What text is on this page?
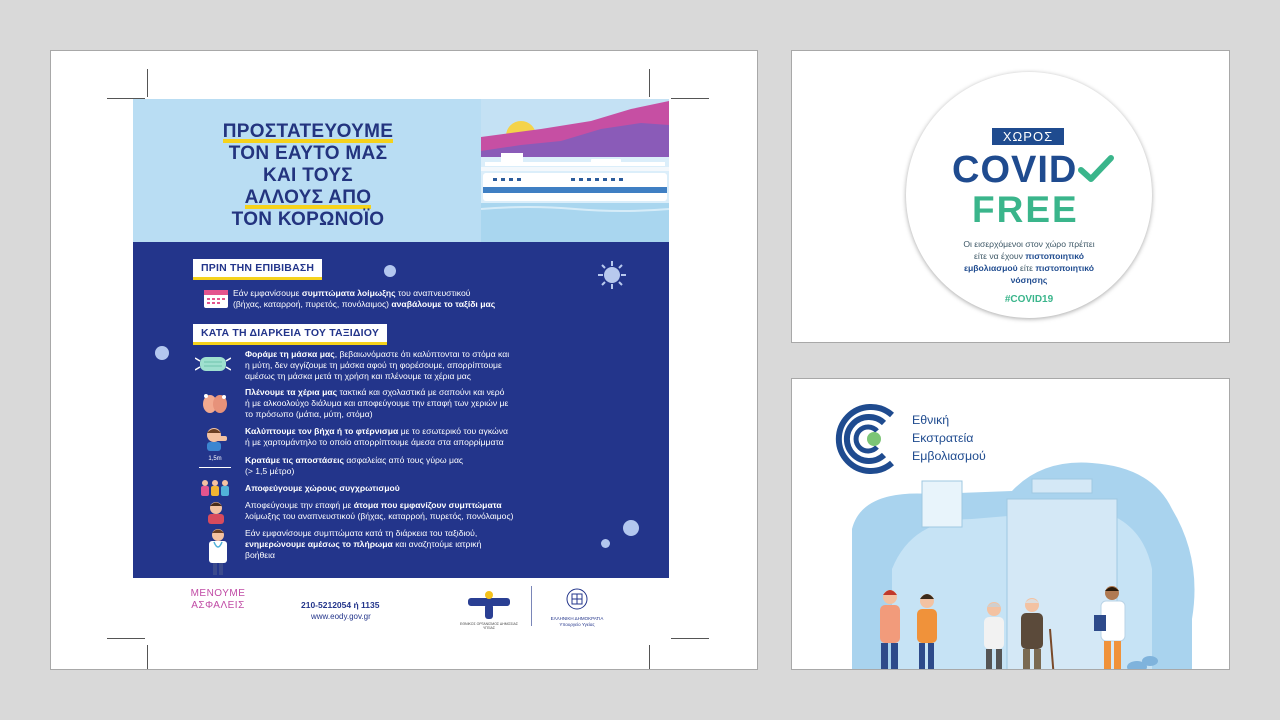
ΠΡΟΣΤΑΤΕΥΟΥΜΕ
ΤΟΝ ΕΑΥΤΟ ΜΑΣ
ΚΑΙ ΤΟΥΣ
ΑΛΛΟΥΣ ΑΠΟ
ΤΟΝ ΚΟΡΩΝΟΪΟ
ΠΡΙΝ ΤΗΝ ΕΠΙΒΙΒΑΣΗ
Εάν εμφανίσουμε συμπτώματα λοίμωξης του αναπνευστικού
(βήχας, καταρροή, πυρετός, πονόλαιμος) αναβάλουμε το ταξίδι μας
ΚΑΤΑ ΤΗ ΔΙΑΡΚΕΙΑ ΤΟΥ ΤΑΞΙΔΙΟΥ
Φοράμε τη μάσκα μας, βεβαιωνόμαστε ότι καλύπτονται το στόμα και
η μύτη, δεν αγγίζουμε τη μάσκα αφού τη φορέσουμε, απορρίπτουμε
αμέσως τη μάσκα μετά τη χρήση και πλένουμε τα χέρια μας
Πλένουμε τα χέρια μας τακτικά και σχολαστικά με σαπούνι και νερό
ή με αλκοολούχο διάλυμα και αποφεύγουμε την επαφή των χεριών με
το πρόσωπο (μάτια, μύτη, στόμα)
Καλύπτουμε τον βήχα ή το φτέρνισμα με το εσωτερικό του αγκώνα
ή με χαρτομάντηλο το οποίο απορρίπτουμε άμεσα στα απορρίμματα
1,5m	Κρατάμε τις αποστάσεις ασφαλείας από τους γύρω μας
(> 1,5 μέτρο)
Αποφεύγουμε χώρους συγχρωτισμού
Αποφεύγουμε την επαφή με άτομα που εμφανίζουν συμπτώματα
λοίμωξης του αναπνευστικού (βήχας, καταρροή, πυρετός, πονόλαιμος)
Εάν εμφανίσουμε συμπτώματα κατά τη διάρκεια του ταξιδιού,
ενημερώνουμε αμέσως το πλήρωμα και αναζητούμε ιατρική
βοήθεια
ΜΕΝΟΥΜΕ
ΑΣΦΑΛΕΙΣ	210-5212054 ή 1135
www.eody.gov.gr
ΕΘΝΙΚΟΣ ΟΡΓΑΝΙΣΜΟΣ ΔΗΜΟΣΙΑΣ ΥΓΕΙΑΣ
ΕΛΛΗΝΙΚΗ ΔΗΜΟΚΡΑΤΙΑ
Υπουργείο Υγείας
ΧΩΡΟΣ
COVID
FREE
Οι εισερχόμενοι στον χώρο πρέπει
είτε να έχουν πιστοποιητικό
εμβολιασμού είτε πιστοποιητικό
νόσησης
#COVID19
Εθνική
Εκστρατεία
Εμβολιασμού
